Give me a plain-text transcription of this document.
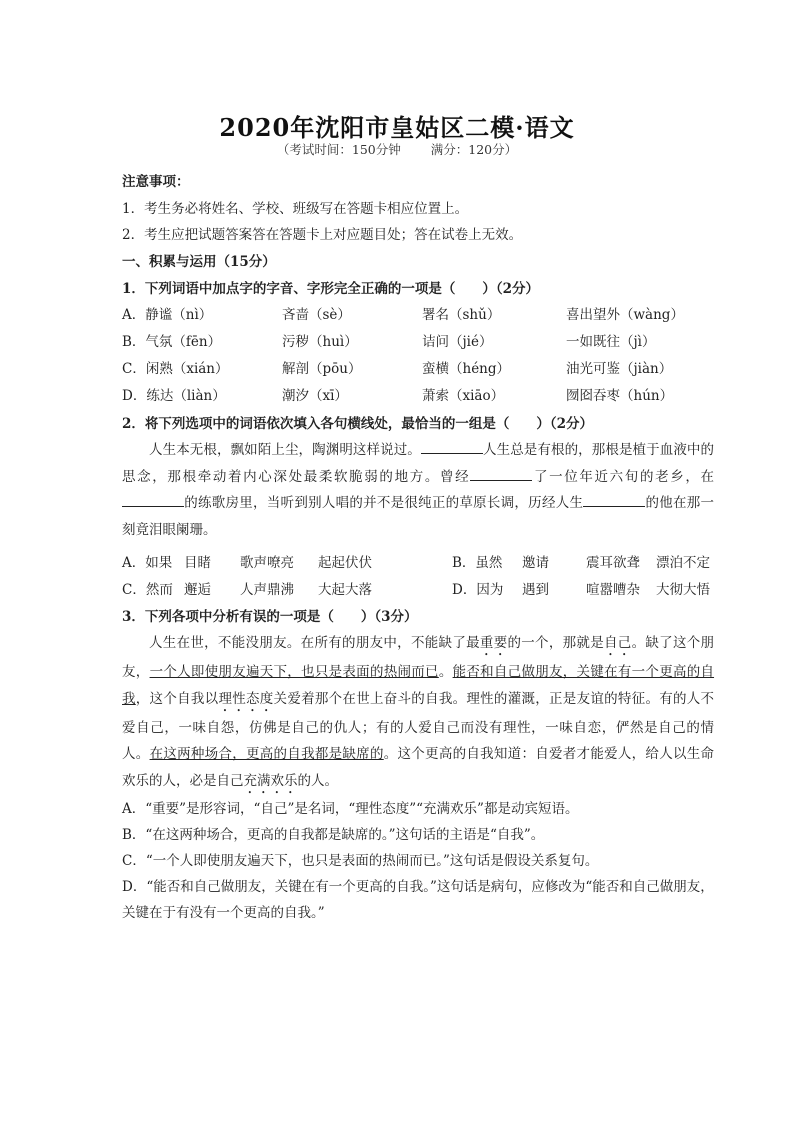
2020年沈阳市皇姑区二模·语文
（考试时间：150分钟 满分：120分）
注意事项：
1．考生务必将姓名、学校、班级写在答题卡相应位置上。
2．考生应把试题答案答在答题卡上对应题目处；答在试卷上无效。
一、积累与运用（15分）
1．下列词语中加点字的字音、字形完全正确的一项是（　　）（2分）
A．静谧（nì）	吝啬（sè）	署名（shǔ）	喜出望外（wàng）
B．气氛（fēn）	污秽（huì）	诘问（jié）	一如既往（jì）
C．闲熟（xián）	解剖（pōu）	蛮横（héng）	油光可鉴（jiàn）
D．练达（liàn）	潮汐（xī）	萧索（xiāo）	囫囵吞枣（hún）
2．将下列选项中的词语依次填入各句横线处，最恰当的一组是（　　）（2分）

人生本无根，飘如陌上尘，陶渊明这样说过。	人生总是有根的，那根是植于血液中的思念，那根牵动着内心深处最柔软脆弱的地方。曾经	了一位年近六旬的老乡，在的练歌房里，当听到别人唱的并不是很纯正的草原长调，历经人生	的他在那一刻竟泪眼阑珊。

A．如果 目睹 歌声嘹亮 起起伏伏	B．虽然 邀请	震耳欲聋 漂泊不定
C．然而 邂逅 人声鼎沸 大起大落	D．因为 遇到	喧嚣嘈杂 大彻大悟
3．下列各项中分析有误的一项是（　　）（3分）

人生在世，不能没朋友。在所有的朋友中，不能缺了最重要的一个，那就是自己。缺了这个朋友，一个人即使朋友遍天下，也只是表面的热闹而已。能否和自己做朋友，关键在有一个更高的自我，这个自我以理性态度关爱着那个在世上奋斗的自我。理性的灌溉，正是友谊的特征。有的人不爱自己，一味自怨，仿佛是自己的仇人；有的人爱自己而没有理性，一味自恋，俨然是自己的情人。在这两种场合，更高的自我都是缺席的。这个更高的自我知道：自爱者才能爱人，给人以生命欢乐的人，必是自己充满欢乐的人。

A．“重要”是形容词，“自己”是名词，“理性态度”“充满欢乐”都是动宾短语。

B．“在这两种场合，更高的自我都是缺席的。”这句话的主语是“自我”。

C．“一个人即使朋友遍天下，也只是表面的热闹而已。”这句话是假设关系复句。

D．“能否和自己做朋友，关键在有一个更高的自我。”这句话是病句，应修改为“能否和自己做朋友，关键在于有没有一个更高的自我。”
